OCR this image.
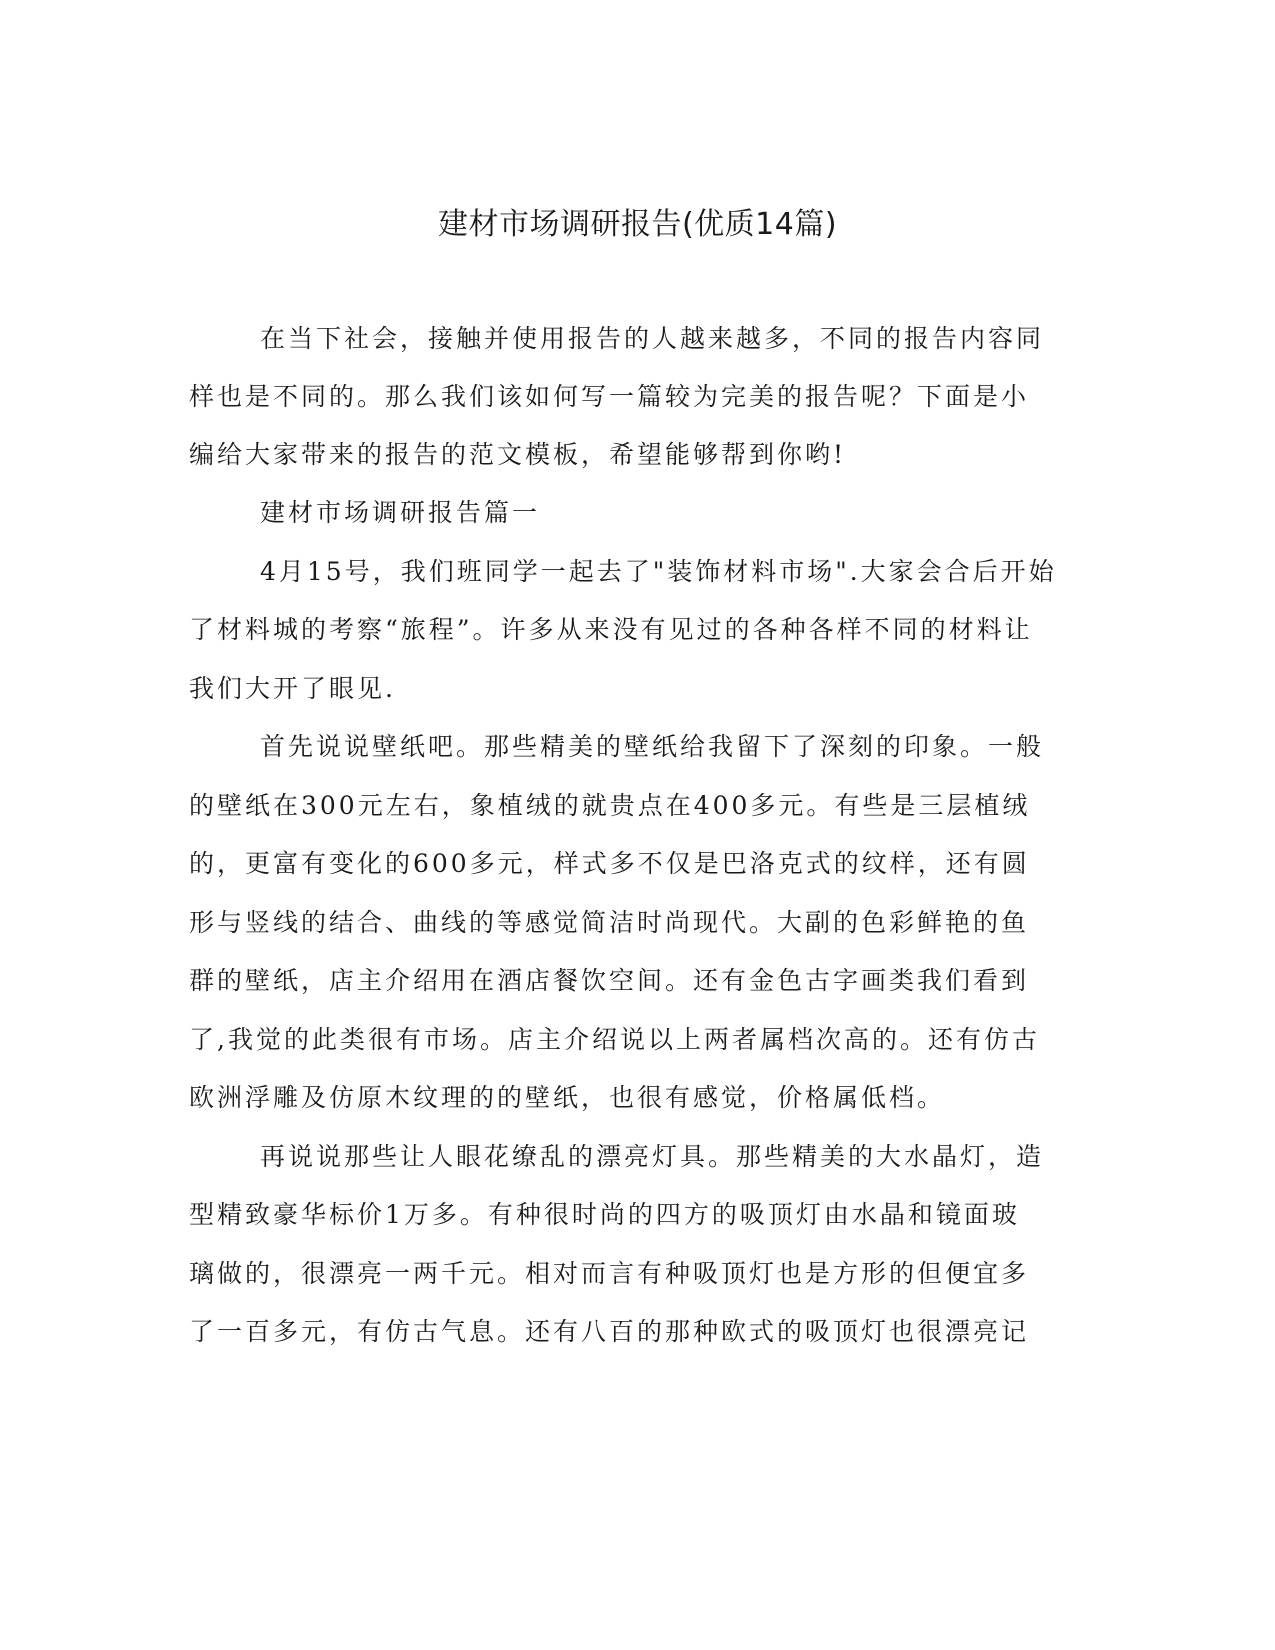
建材市场调研报告(优质14篇)
在当下社会，接触并使用报告的人越来越多，不同的报告内容同
样也是不同的。那么我们该如何写一篇较为完美的报告呢？下面是小
编给大家带来的报告的范文模板，希望能够帮到你哟!
建材市场调研报告篇一
4月15号，我们班同学一起去了"装饰材料市场".大家会合后开始
了材料城的考察“旅程”。许多从来没有见过的各种各样不同的材料让
我们大开了眼见.
首先说说壁纸吧。那些精美的壁纸给我留下了深刻的印象。一般
的壁纸在300元左右，象植绒的就贵点在400多元。有些是三层植绒
的，更富有变化的600多元，样式多不仅是巴洛克式的纹样，还有圆
形与竖线的结合、曲线的等感觉简洁时尚现代。大副的色彩鲜艳的鱼
群的壁纸，店主介绍用在酒店餐饮空间。还有金色古字画类我们看到
了,我觉的此类很有市场。店主介绍说以上两者属档次高的。还有仿古
欧洲浮雕及仿原木纹理的的壁纸，也很有感觉，价格属低档。
再说说那些让人眼花缭乱的漂亮灯具。那些精美的大水晶灯，造
型精致豪华标价1万多。有种很时尚的四方的吸顶灯由水晶和镜面玻
璃做的，很漂亮一两千元。相对而言有种吸顶灯也是方形的但便宜多
了一百多元，有仿古气息。还有八百的那种欧式的吸顶灯也很漂亮记
